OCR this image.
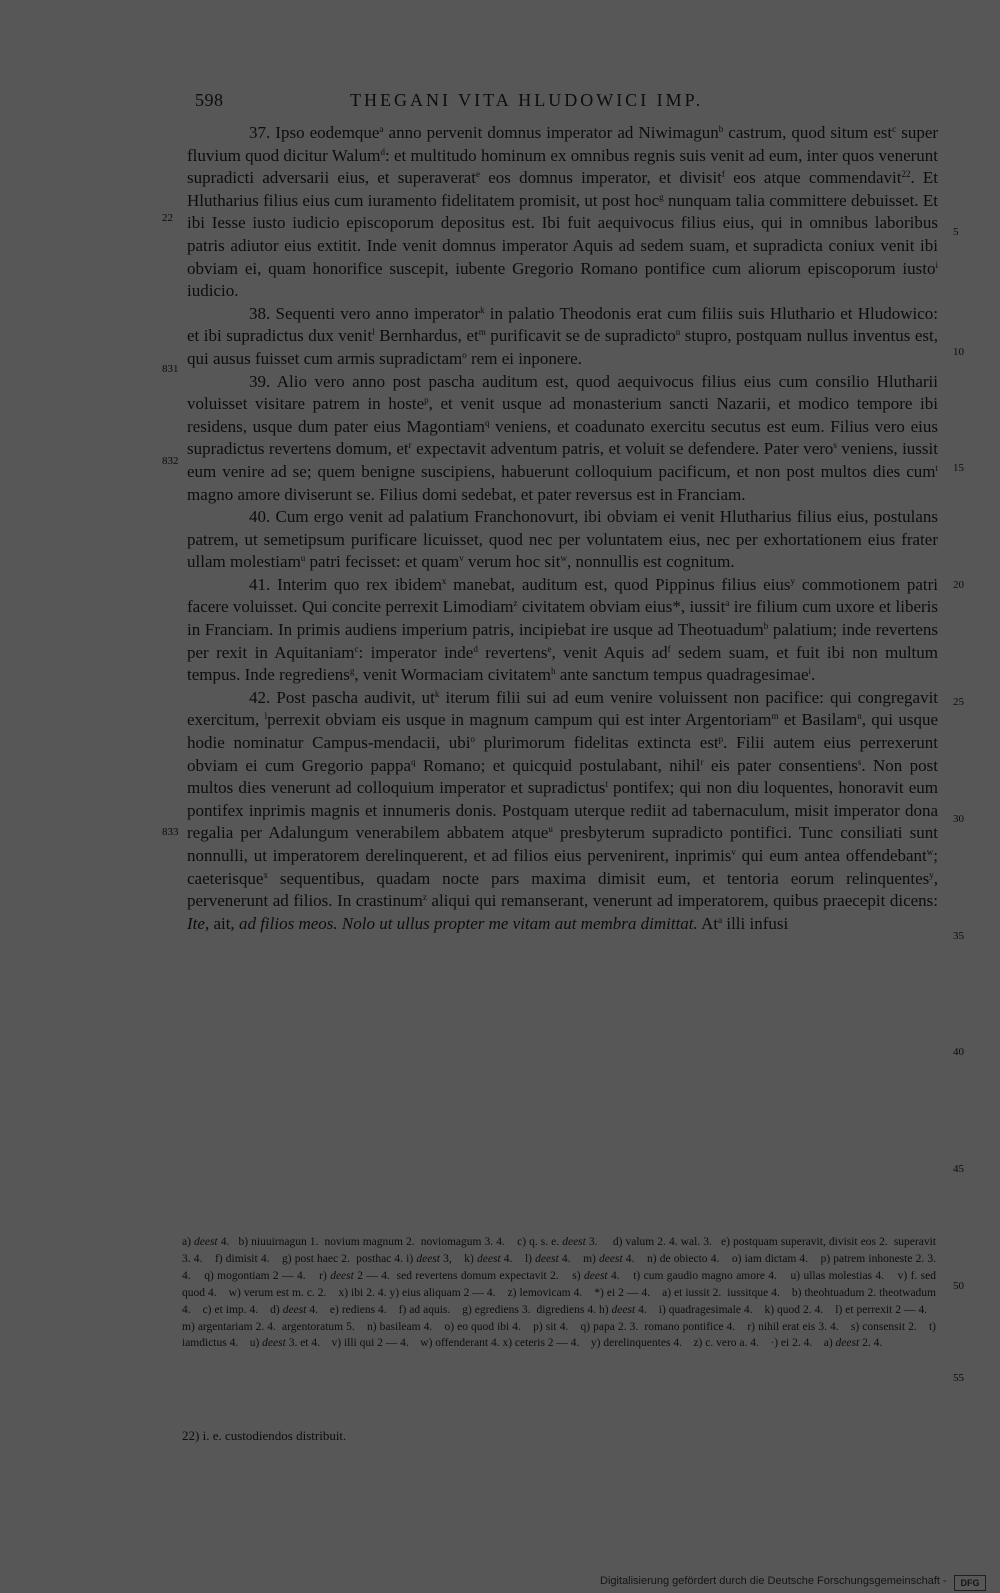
598	THEGANI VITA HLUDOWICI IMP.

37. Ipso eodemque$^a$ anno pervenit domnus imperator ad Niwimagun$^b$ castrum, quod situm est$^c$ super fluvium quod dicitur Walum$^d$: et multitudo hominum ex omnibus regnis suis venit ad eum, inter quos venerunt supradicti adversarii eius, et superaverat$^e$ eos domnus imperator, et divisit$^f$ eos atque commendavit$^{22}$. Et Hlutharius filius eius cum iuramento fidelitatem promisit, ut post hoc$^g$ nunquam talia committere debuisset. Et ibi Iesse iusto iudicio episcoporum depositus est. Ibi fuit aequivocus filius eius, qui in omnibus laboribus patris adiutor eius extitit. Inde venit domnus imperator Aquis ad sedem suam, et supradicta coniux venit ibi obviam ei, quam honorifice suscepit, iubente Gregorio Romano pontifice cum aliorum episcoporum iusto$^i$ iudicio.

38. Sequenti vero anno imperator$^k$ in palatio Theodonis erat cum filiis suis Hluthario et Hludowico: et ibi supradictus dux venit$^l$ Bernhardus, $et^m$ purificavit se de supradicto$^n$ stupro, postquam nullus inventus est, qui ausus fuisset cum armis supradictam$^o$ rem ei inponere.

39. Alio vero anno post pascha auditum est, quod aequivocus filius eius cum consilio Hlutharii voluisset visitare patrem in hoste$^p$, et venit usque ad monasterium sancti Nazarii, et modico tempore ibi residens, usque dum pater eius Magontiam$^q$ veniens, et coadunato exercitu secutus est eum. Filius vero eius supradictus revertens domum, $et^r$ expectavit adventum patris, et voluit se defendere. Pater vero$^s$ veniens, iussit eum venire ad se; quem benigne suscipiens, habuerunt colloquium pacificum, et non post multos dies cum$^t$ magno amore diviserunt se. Filius domi sedebat, et pater reversus est in Franciam.

40. Cum ergo venit ad palatium Franchonovurt, ibi obviam ei venit Hlutharius filius eius, postulans patrem, ut semetipsum purificare licuisset, quod nec per voluntatem eius, nec per exhortationem eius frater ullam molestiam$^u$ patri fecisset: et quam$^v$ verum hoc sit$^w$, nonnullis est cognitum.

41. Interim quo rex ibidem$^x$ manebat, auditum est, quod Pippinus filius eius$^y$ commotionem patri facere voluisset. Qui concite perrexit Limodiam$^z$ civitatem obviam eius*, iussit$^a$ ire filium cum uxore et liberis in Franciam. In primis audiens imperium patris, incipiebat ire usque ad Theotuadum$^b$ palatium; inde revertens per rexit in Aquitaniam$^c$: imperator inde$^d$ revertens$^e$, venit Aquis $ad^f$ sedem suam, et fuit ibi non multum tempus. Inde regrediens$^g$, venit Wormaciam civitatem$^h$ ante sanctum tempus quadragesimae$^i$.

42. Post pascha audivit, $ut^k$ iterum filii sui ad eum venire voluissent non pacifice: qui congregavit exercitum, $^l$perrexit obviam eis usque in magnum campum qui est inter Argentoriam$^m$ et Basilam$^n$, qui usque hodie nominatur Campus-mendacii, ubi$^o$ plurimorum fidelitas extincta est$^p$. Filii autem eius perrexerunt obviam ei cum Gregorio pappa$^q$ Romano; et quicquid postulabant, nihil$^r$ eis pater consentiens$^s$. Non post multos dies venerunt ad colloquium imperator et supradictus$^t$ pontifex; qui non diu loquentes, honoravit eum pontifex inprimis magnis et innumeris donis. Postquam uterque rediit ad tabernaculum, misit imperator dona regalia per Adalungum venerabilem abbatem atque$^u$ presbyterum supradicto pontifici. Tunc consiliati sunt nonnulli, ut imperatorem derelinquerent, et ad filios eius pervenirent, inprimis$^v$ qui eum antea offendebant$^w$; caeterisque$^x$ sequentibus, quadam nocte pars maxima dimisit eum, et tentoria eorum relinquentes$^y$, pervenerunt ad filios. In crastinum$^z$ aliqui qui remanserant, venerunt ad imperatorem, quibus praecepit dicens: Ite, ait, ad filios meos. Nolo ut ullus propter me vitam aut membra dimittat. At$^a$ illi infusi

22
831
832
833
5
10
15
20
25
30
35
40
45
50
55

a) deest 4.   b) niuuirnagun 1.  novium magnum 2.  noviomagum 3. 4.    c) q. s. e. deest 3.     d) valum 2. 4. wal. 3.   e) postquam superavit, divisit eos 2.  superavit 3. 4.    f) dimisit 4.    g) post haec 2.  posthac 4. i) deest 3,    k) deest 4.    l) deest 4.    m) deest 4.    n) de obiecto 4.    o) iam dictam 4.    p) patrem inhoneste 2. 3. 4.    q) mogontiam 2 — 4.    r) deest 2 — 4.  sed revertens domum expectavit 2.    s) deest 4.    t) cum gaudio magno amore 4.    u) ullas molestias 4.    v) f. sed quod 4.    w) verum est m. c. 2.    x) ibi 2. 4. y) eius aliquam 2 — 4.    z) lemovicam 4.    *) ei 2 — 4.    a) et iussit 2.  iussitque 4.    b) theohtuadum 2. theotwadum 4.    c) et imp. 4.    d) deest 4.    e) rediens 4.    f) ad aquis.    g) egrediens 3.  digrediens 4. h) deest 4.    i) quadragesimale 4.    k) quod 2. 4.    l) et perrexit 2 — 4.    m) argentariam 2. 4.  argentoratum 5.    n) basileam 4.    o) eo quod ibi 4.    p) sit 4.    q) papa 2. 3.  romano pontifice 4.    r) nihil erat eis 3. 4.    s) consensit 2.    t) iamdictus 4.    u) deest 3. et 4.    v) illi qui 2 — 4.    w) offenderant 4. x) ceteris 2 — 4.    y) derelinquentes 4.    z) c. vero a. 4.    ·) ei 2. 4.    a) deest 2. 4.

22) i. e. custodiendos distribuit.
Digitalisierung gefördert durch die Deutsche Forschungsgemeinschaft -	DFG
